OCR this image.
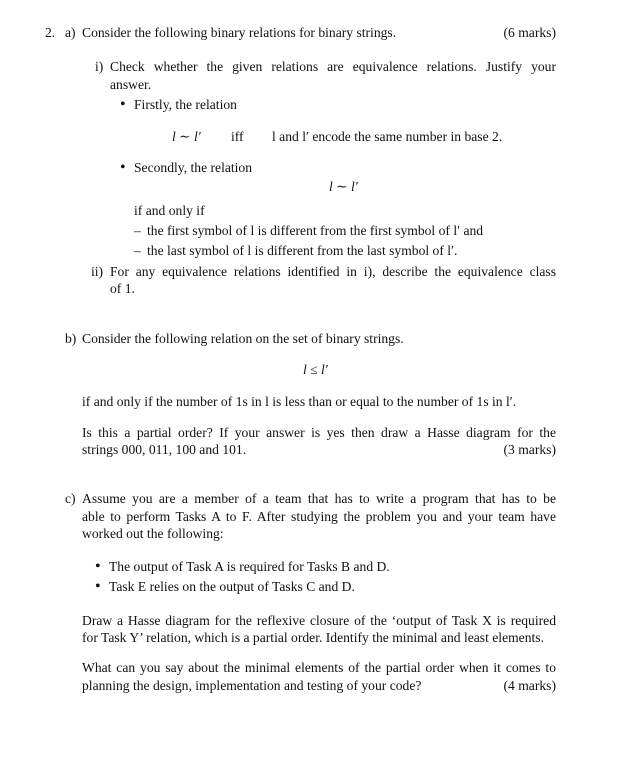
2. a) Consider the following binary relations for binary strings.	(6 marks)
i) Check whether the given relations are equivalence relations. Justify your
answer.
• Firstly, the relation
l ∼ l′ iff l and l′ encode the same number in base 2.
• Secondly, the relation
l ∼ l′
if and only if
– the first symbol of l is different from the first symbol of l′ and
– the last symbol of l is different from the last symbol of l′.
ii) For any equivalence relations identified in i), describe the equivalence class
of 1.
b) Consider the following relation on the set of binary strings.
l ≤ l′
if and only if the number of 1s in l is less than or equal to the number of 1s in l′.
Is this a partial order? If your answer is yes then draw a Hasse diagram for the
strings 000, 011, 100 and 101.	(3 marks)
c) Assume you are a member of a team that has to write a program that has to be
able to perform Tasks A to F. After studying the problem you and your team have
worked out the following:
• The output of Task A is required for Tasks B and D.
• Task E relies on the output of Tasks C and D.
Draw a Hasse diagram for the reflexive closure of the ‘output of Task X is required
for Task Y’ relation, which is a partial order. Identify the minimal and least elements.
What can you say about the minimal elements of the partial order when it comes to
planning the design, implementation and testing of your code?	(4 marks)
